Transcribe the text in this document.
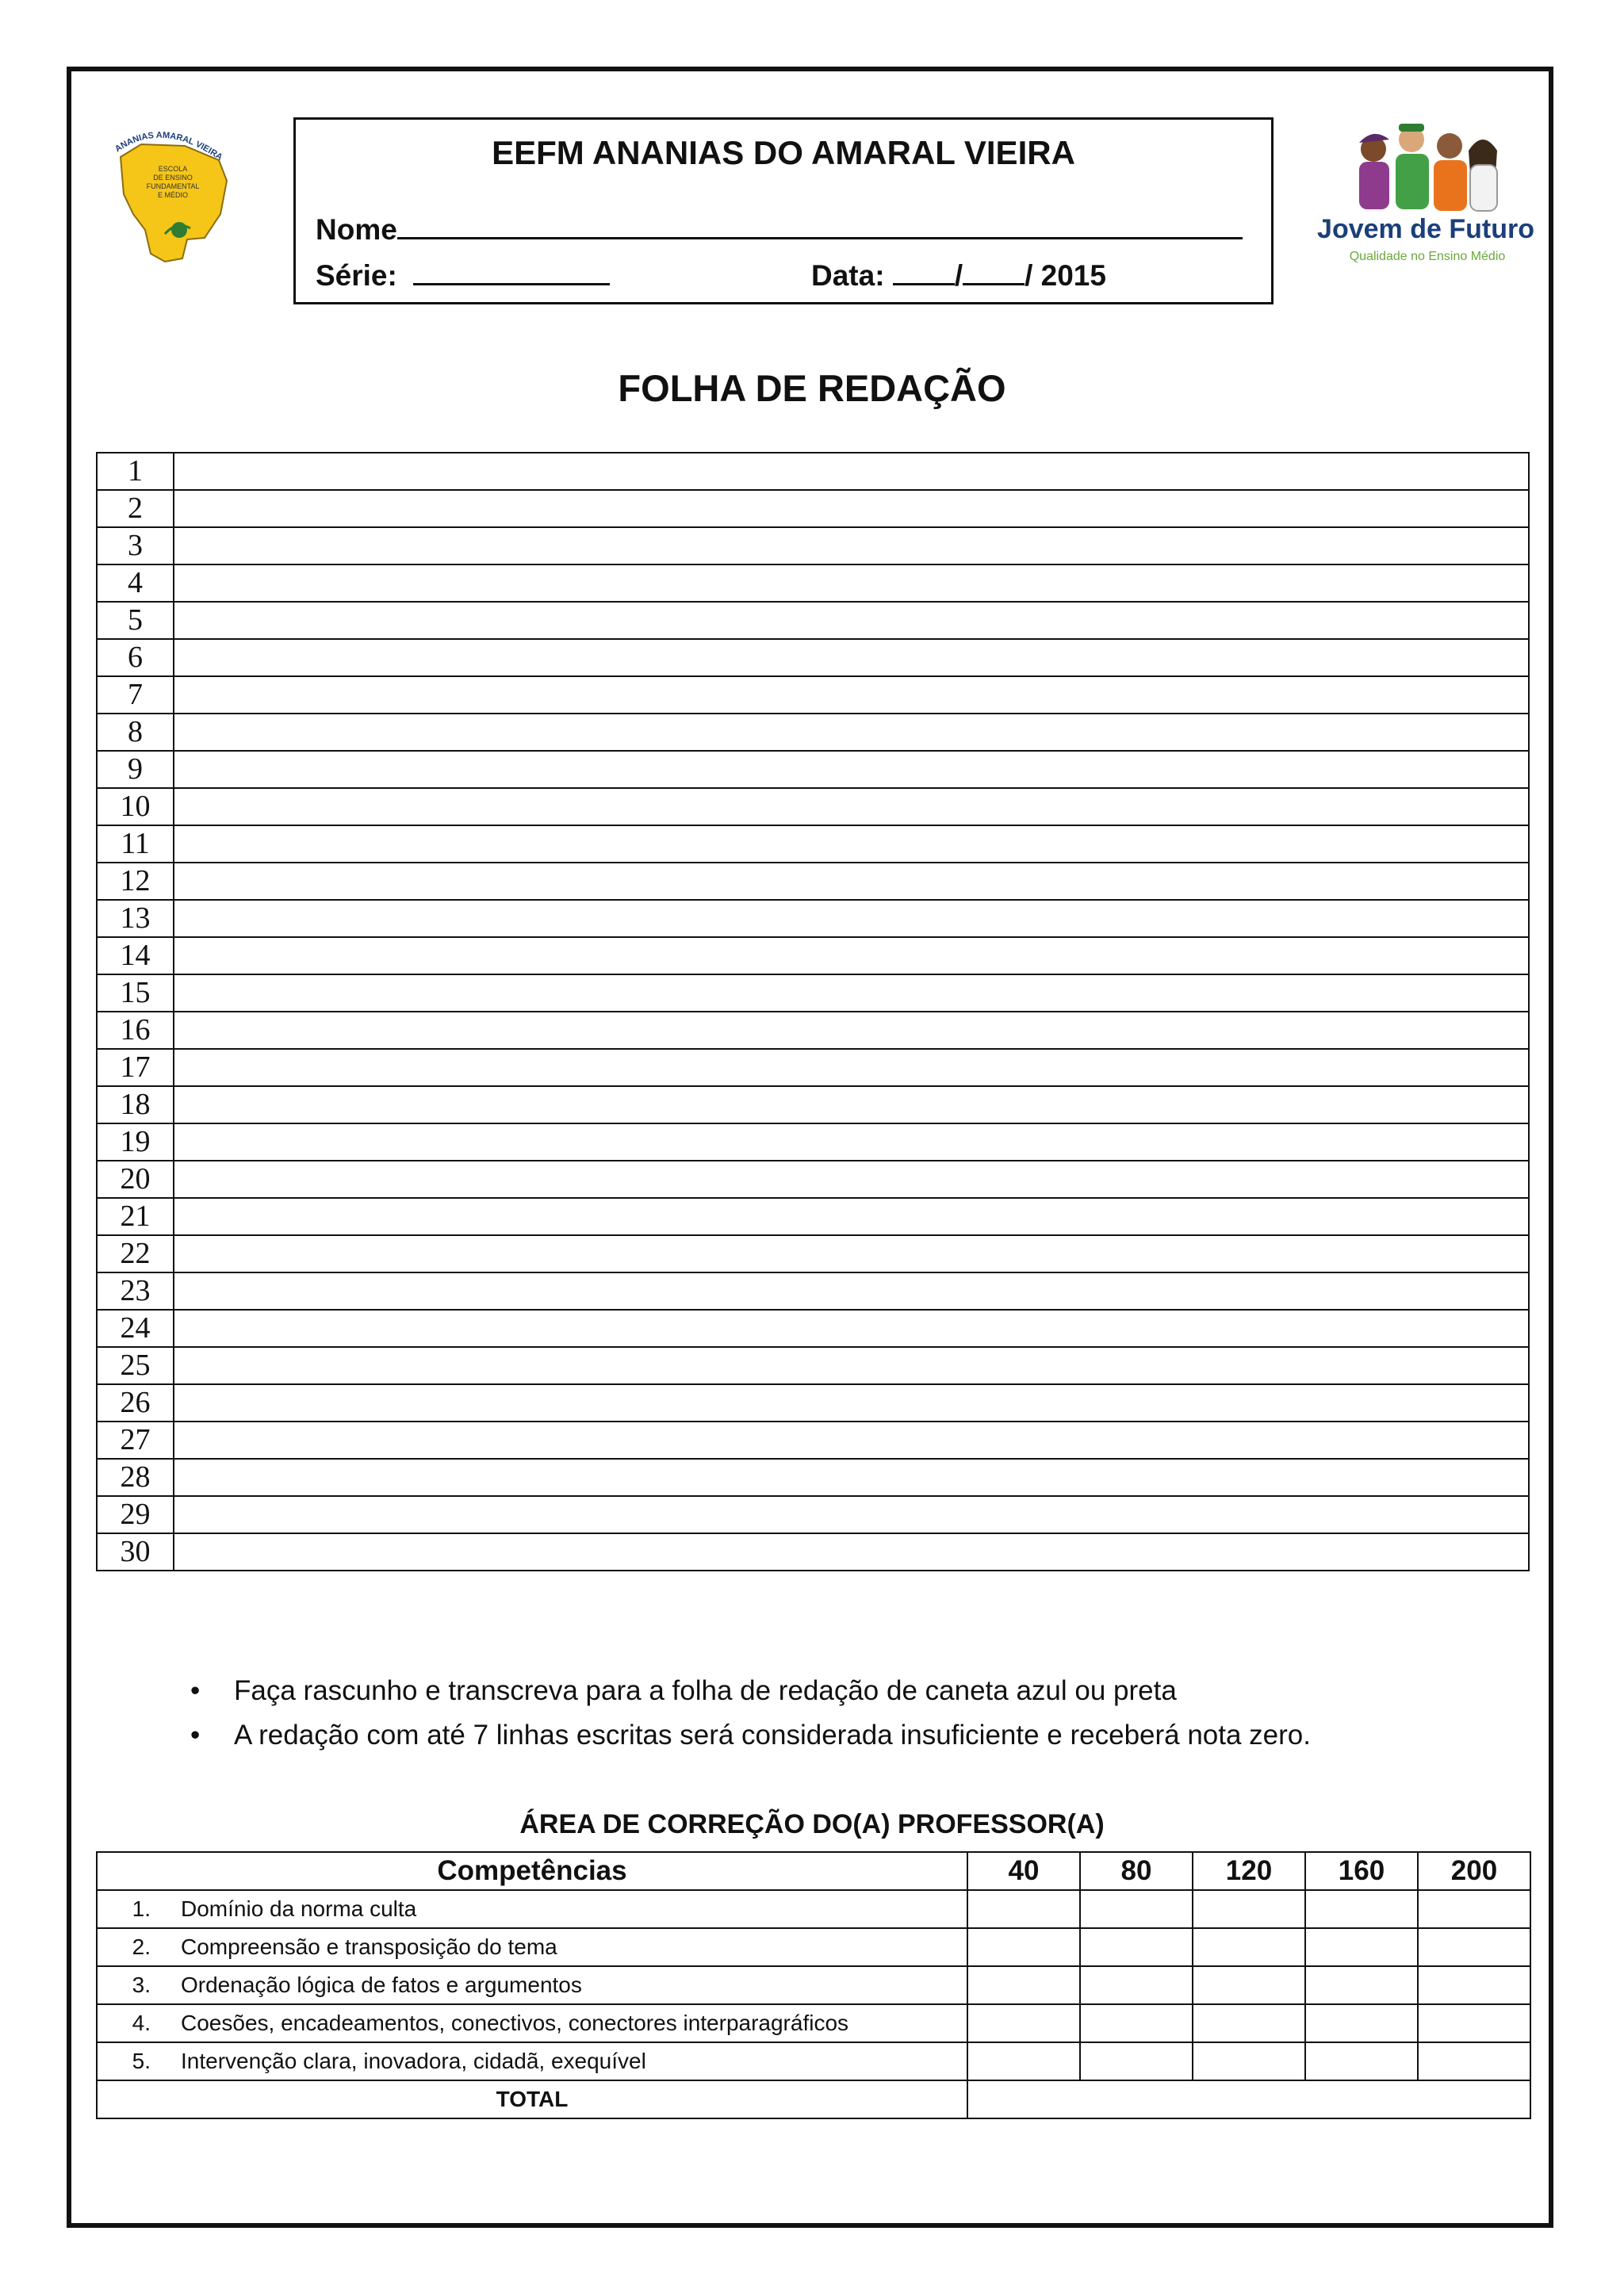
ANANIAS AMARAL VIEIRA
ESCOLA
DE ENSINO
FUNDAMENTAL
E MÉDIO
Jovem de Futuro
Qualidade no Ensino Médio
EEFM ANANIAS DO AMARAL VIEIRA
Nome
Série:	Data: / / 2015
FOLHA DE REDAÇÃO
1	
2	
3	
4	
5	
6	
7	
8	
9	
10	
11	
12	
13	
14	
15	
16	
17	
18	
19	
20	
21	
22	
23	
24	
25	
26	
27	
28	
29	
30	
• Faça rascunho e transcreva para a folha de redação de caneta azul ou preta
• A redação com até 7 linhas escritas será considerada insuficiente e receberá nota zero.
ÁREA DE CORREÇÃO DO(A) PROFESSOR(A)
Competências	40	80	120	160	200
1. Domínio da norma culta					
2. Compreensão e transposição do tema					
3. Ordenação lógica de fatos e argumentos					
4. Coesões, encadeamentos, conectivos, conectores interparagráficos					
5. Intervenção clara, inovadora, cidadã, exequível					
TOTAL					
